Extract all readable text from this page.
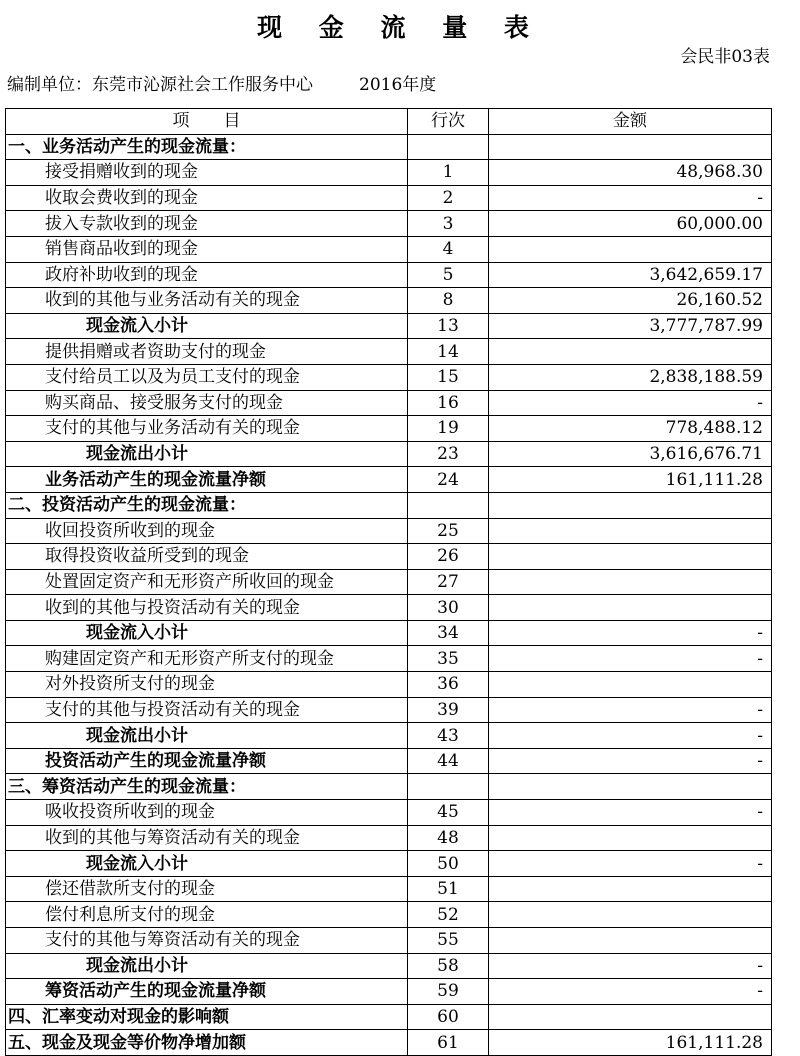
现 金 流 量 表
会民非03表
编制单位：东莞市沁源社会工作服务中心	2016年度
项　　目	行次	金额
一、业务活动产生的现金流量：		
接受捐赠收到的现金	1	48,968.30
收取会费收到的现金	2	-
拔入专款收到的现金	3	60,000.00
销售商品收到的现金	4	
政府补助收到的现金	5	3,642,659.17
收到的其他与业务活动有关的现金	8	26,160.52
现金流入小计	13	3,777,787.99
提供捐赠或者资助支付的现金	14	
支付给员工以及为员工支付的现金	15	2,838,188.59
购买商品、接受服务支付的现金	16	-
支付的其他与业务活动有关的现金	19	778,488.12
现金流出小计	23	3,616,676.71
业务活动产生的现金流量净额	24	161,111.28
二、投资活动产生的现金流量：		
收回投资所收到的现金	25	
取得投资收益所受到的现金	26	
处置固定资产和无形资产所收回的现金	27	
收到的其他与投资活动有关的现金	30	
现金流入小计	34	-
购建固定资产和无形资产所支付的现金	35	-
对外投资所支付的现金	36	
支付的其他与投资活动有关的现金	39	-
现金流出小计	43	-
投资活动产生的现金流量净额	44	-
三、筹资活动产生的现金流量：		
吸收投资所收到的现金	45	-
收到的其他与筹资活动有关的现金	48	
现金流入小计	50	-
偿还借款所支付的现金	51	
偿付利息所支付的现金	52	
支付的其他与筹资活动有关的现金	55	
现金流出小计	58	-
筹资活动产生的现金流量净额	59	-
四、汇率变动对现金的影响额	60	
五、现金及现金等价物净增加额	61	161,111.28
